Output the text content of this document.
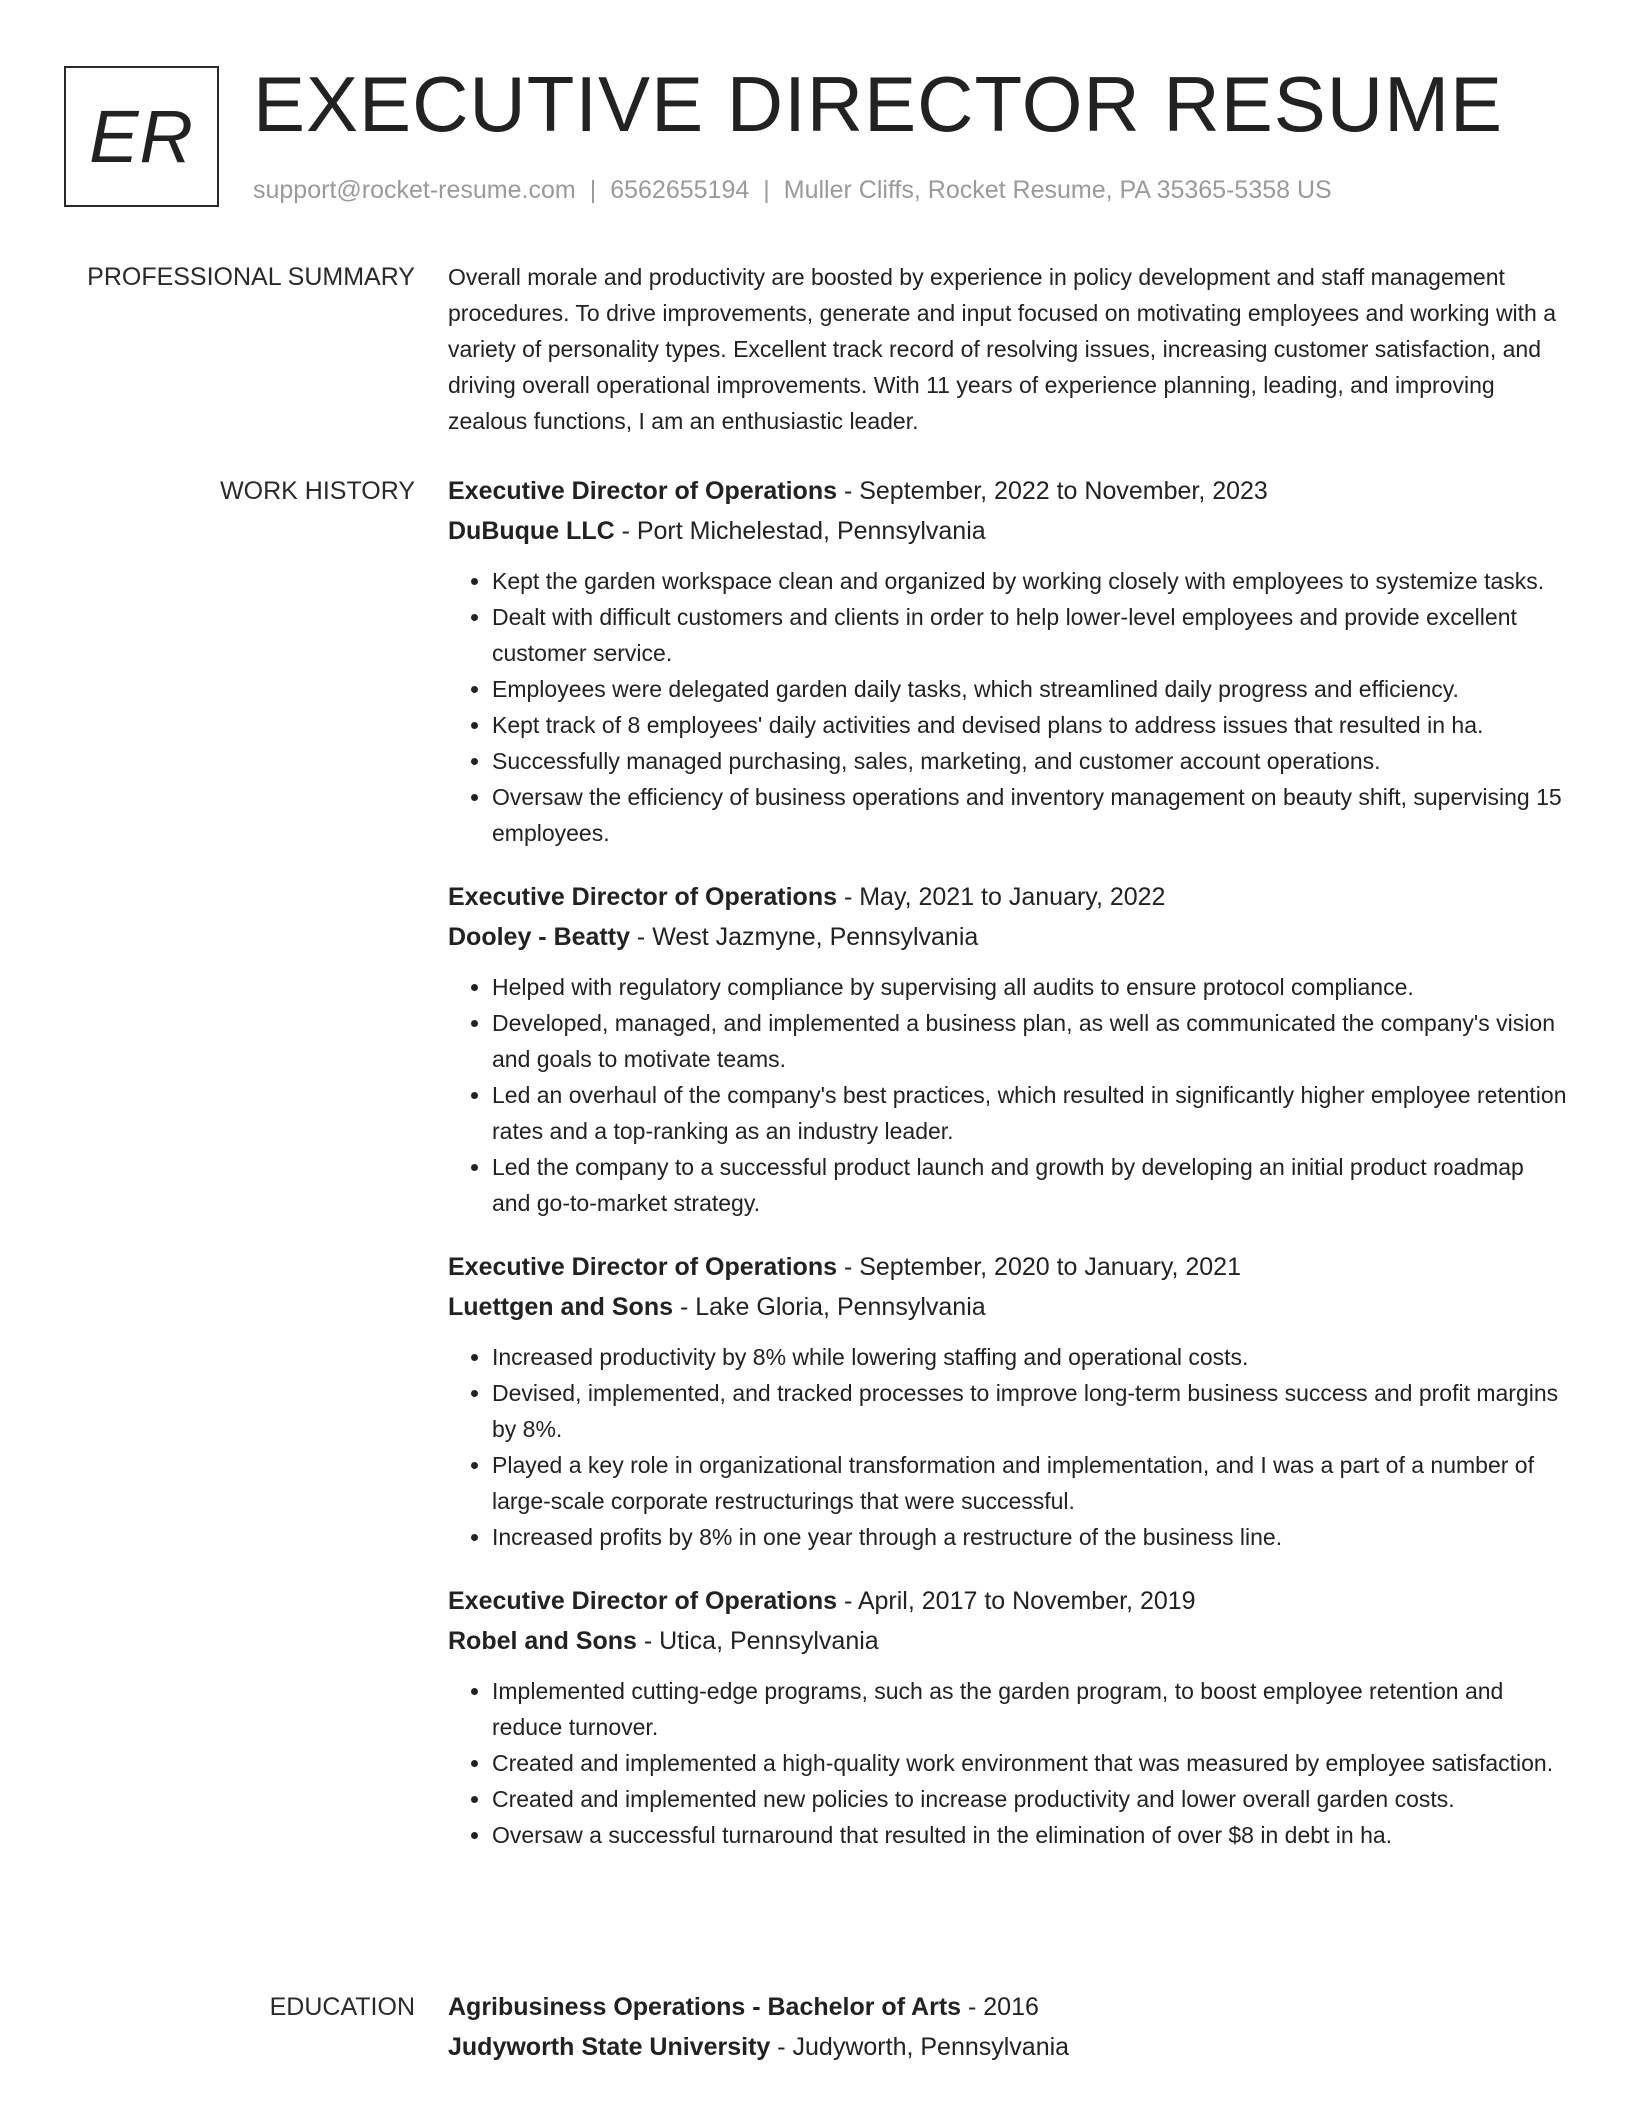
ER EXECUTIVE DIRECTOR RESUME
support@rocket-resume.com | 6562655194 | Muller Cliffs, Rocket Resume, PA 35365-5358 US
PROFESSIONAL SUMMARY Overall morale and productivity are boosted by experience in policy development and staff management procedures. To drive improvements, generate and input focused on motivating employees and working with a variety of personality types. Excellent track record of resolving issues, increasing customer satisfaction, and driving overall operational improvements. With 11 years of experience planning, leading, and improving zealous functions, I am an enthusiastic leader.

WORK HISTORY Executive Director of Operations - September, 2022 to November, 2023

DuBuque LLC - Port Michelestad, Pennsylvania

• Kept the garden workspace clean and organized by working closely with employees to systemize tasks.
• Dealt with difficult customers and clients in order to help lower-level employees and provide excellent customer service.
• Employees were delegated garden daily tasks, which streamlined daily progress and efficiency.
• Kept track of 8 employees' daily activities and devised plans to address issues that resulted in ha.
• Successfully managed purchasing, sales, marketing, and customer account operations.
• Oversaw the efficiency of business operations and inventory management on beauty shift, supervising 15 employees.

Executive Director of Operations - May, 2021 to January, 2022

Dooley - Beatty - West Jazmyne, Pennsylvania

• Helped with regulatory compliance by supervising all audits to ensure protocol compliance.
• Developed, managed, and implemented a business plan, as well as communicated the company's vision and goals to motivate teams.
• Led an overhaul of the company's best practices, which resulted in significantly higher employee retention rates and a top-ranking as an industry leader.
• Led the company to a successful product launch and growth by developing an initial product roadmap and go-to-market strategy.

Executive Director of Operations - September, 2020 to January, 2021

Luettgen and Sons - Lake Gloria, Pennsylvania

• Increased productivity by 8% while lowering staffing and operational costs.
• Devised, implemented, and tracked processes to improve long-term business success and profit margins by 8%.
• Played a key role in organizational transformation and implementation, and I was a part of a number of large-scale corporate restructurings that were successful.
• Increased profits by 8% in one year through a restructure of the business line.

Executive Director of Operations - April, 2017 to November, 2019

Robel and Sons - Utica, Pennsylvania

• Implemented cutting-edge programs, such as the garden program, to boost employee retention and reduce turnover.
• Created and implemented a high-quality work environment that was measured by employee satisfaction.
• Created and implemented new policies to increase productivity and lower overall garden costs.
• Oversaw a successful turnaround that resulted in the elimination of over $8 in debt in ha.
EDUCATION Agribusiness Operations - Bachelor of Arts - 2016

Judyworth State University - Judyworth, Pennsylvania
